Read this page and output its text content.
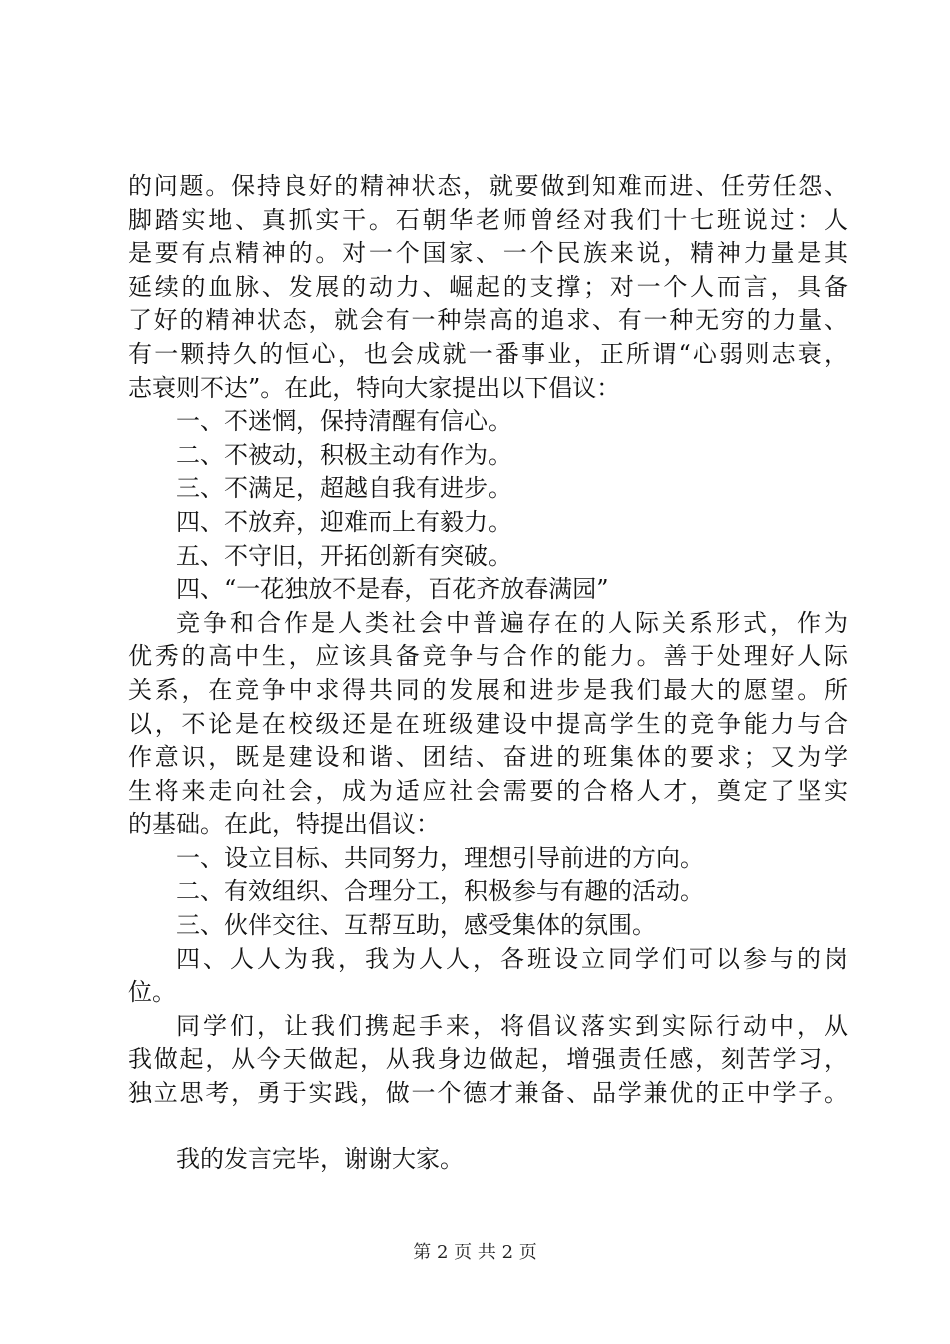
的问题。保持良好的精神状态，就要做到知难而进、任劳任怨、
脚踏实地、真抓实干。石朝华老师曾经对我们十七班说过：人
是要有点精神的。对一个国家、一个民族来说，精神力量是其
延续的血脉、发展的动力、崛起的支撑；对一个人而言，具备
了好的精神状态，就会有一种崇高的追求、有一种无穷的力量、
有一颗持久的恒心，也会成就一番事业，正所谓“心弱则志衰，
志衰则不达”。在此，特向大家提出以下倡议：
一、不迷惘，保持清醒有信心。
二、不被动，积极主动有作为。
三、不满足，超越自我有进步。
四、不放弃，迎难而上有毅力。
五、不守旧，开拓创新有突破。
四、“一花独放不是春，百花齐放春满园”
竞争和合作是人类社会中普遍存在的人际关系形式，作为
优秀的高中生，应该具备竞争与合作的能力。善于处理好人际
关系，在竞争中求得共同的发展和进步是我们最大的愿望。所
以，不论是在校级还是在班级建设中提高学生的竞争能力与合
作意识，既是建设和谐、团结、奋进的班集体的要求；又为学
生将来走向社会，成为适应社会需要的合格人才，奠定了坚实
的基础。在此，特提出倡议：
一、设立目标、共同努力，理想引导前进的方向。
二、有效组织、合理分工，积极参与有趣的活动。
三、伙伴交往、互帮互助，感受集体的氛围。
四、人人为我，我为人人，各班设立同学们可以参与的岗
位。
同学们，让我们携起手来，将倡议落实到实际行动中，从
我做起，从今天做起，从我身边做起，增强责任感，刻苦学习，
独立思考，勇于实践，做一个德才兼备、品学兼优的正中学子。
我的发言完毕，谢谢大家。
第 2 页 共 2 页
